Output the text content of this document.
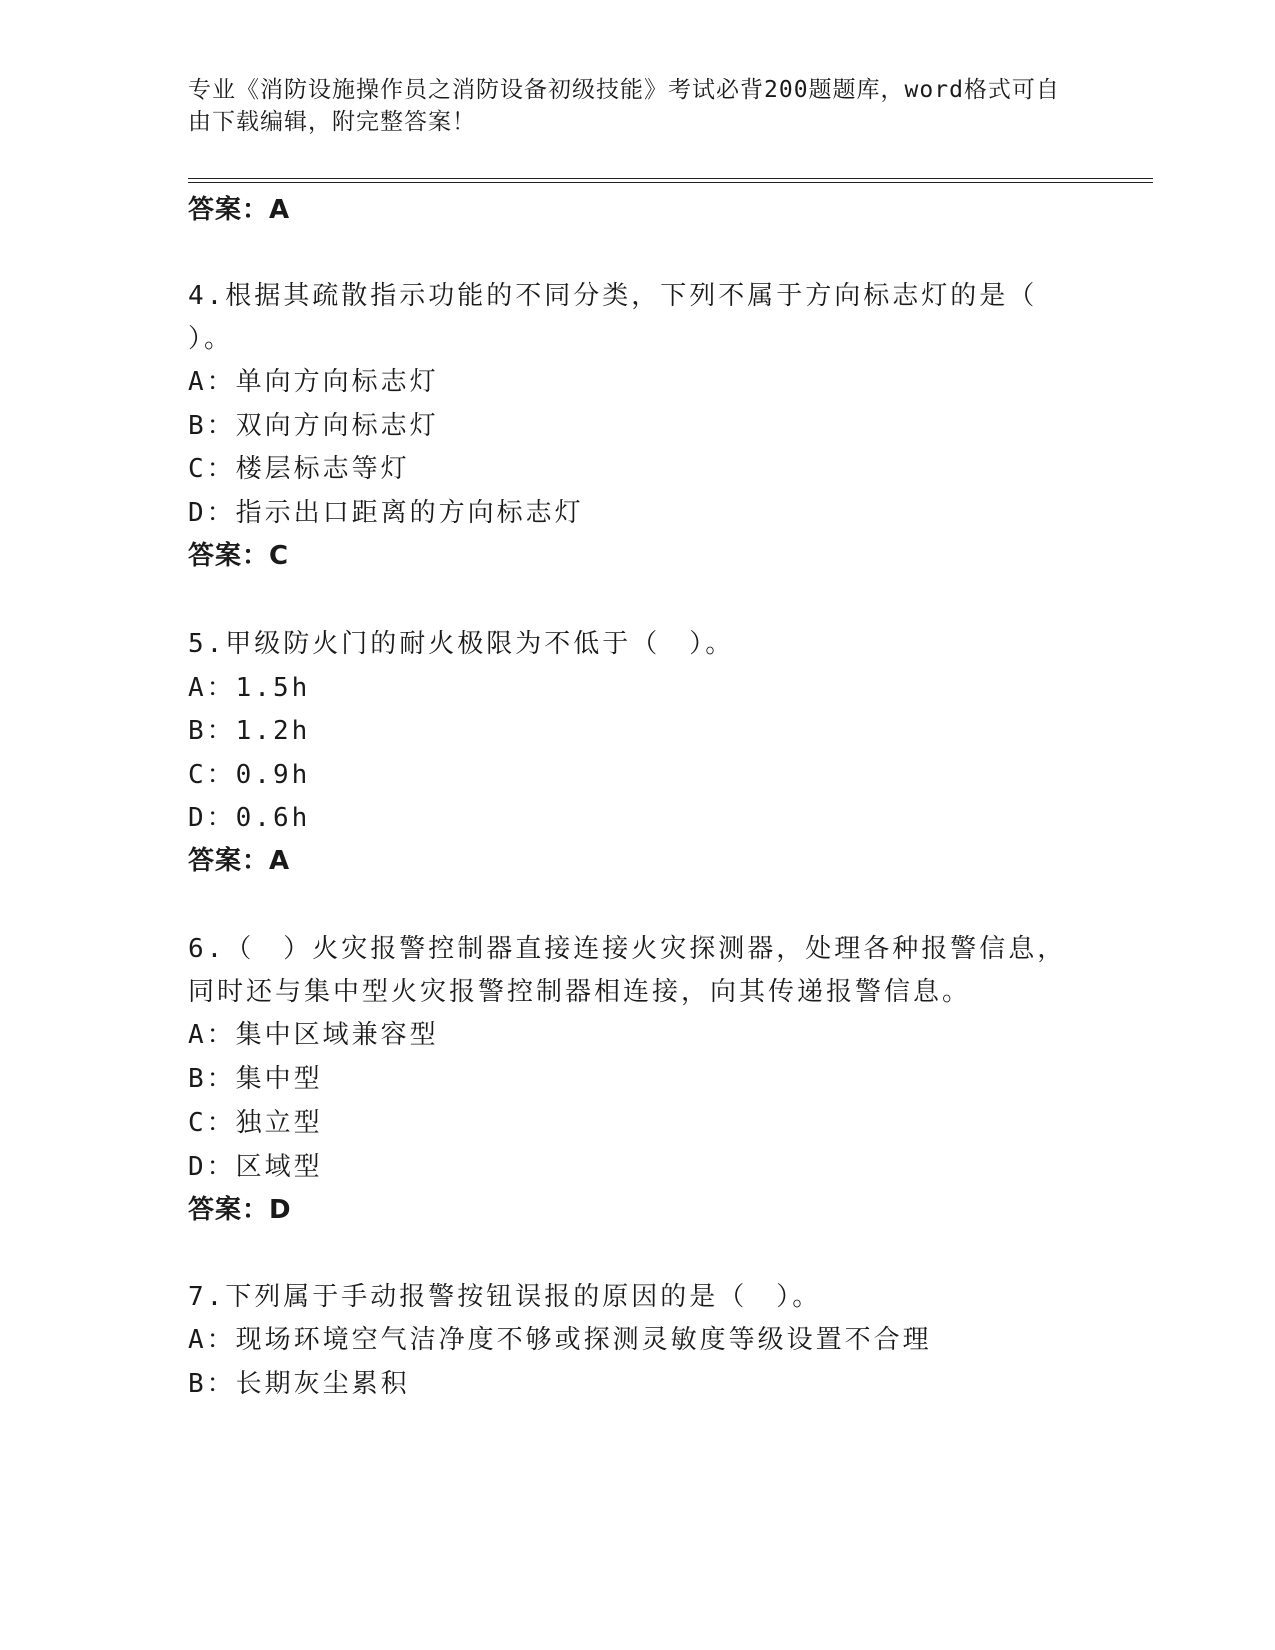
专业《消防设施操作员之消防设备初级技能》考试必背200题题库，word格式可自由下载编辑，附完整答案！
答案：A
4.根据其疏散指示功能的不同分类，下列不属于方向标志灯的是（
）。
A：单向方向标志灯
B：双向方向标志灯
C：楼层标志等灯
D：指示出口距离的方向标志灯
答案：C
5.甲级防火门的耐火极限为不低于（　）。
A：1.5h
B：1.2h
C：0.9h
D：0.6h
答案：A
6.（　）火灾报警控制器直接连接火灾探测器，处理各种报警信息，
同时还与集中型火灾报警控制器相连接，向其传递报警信息。
A：集中区域兼容型
B：集中型
C：独立型
D：区域型
答案：D
7.下列属于手动报警按钮误报的原因的是（　）。
A：现场环境空气洁净度不够或探测灵敏度等级设置不合理
B：长期灰尘累积
